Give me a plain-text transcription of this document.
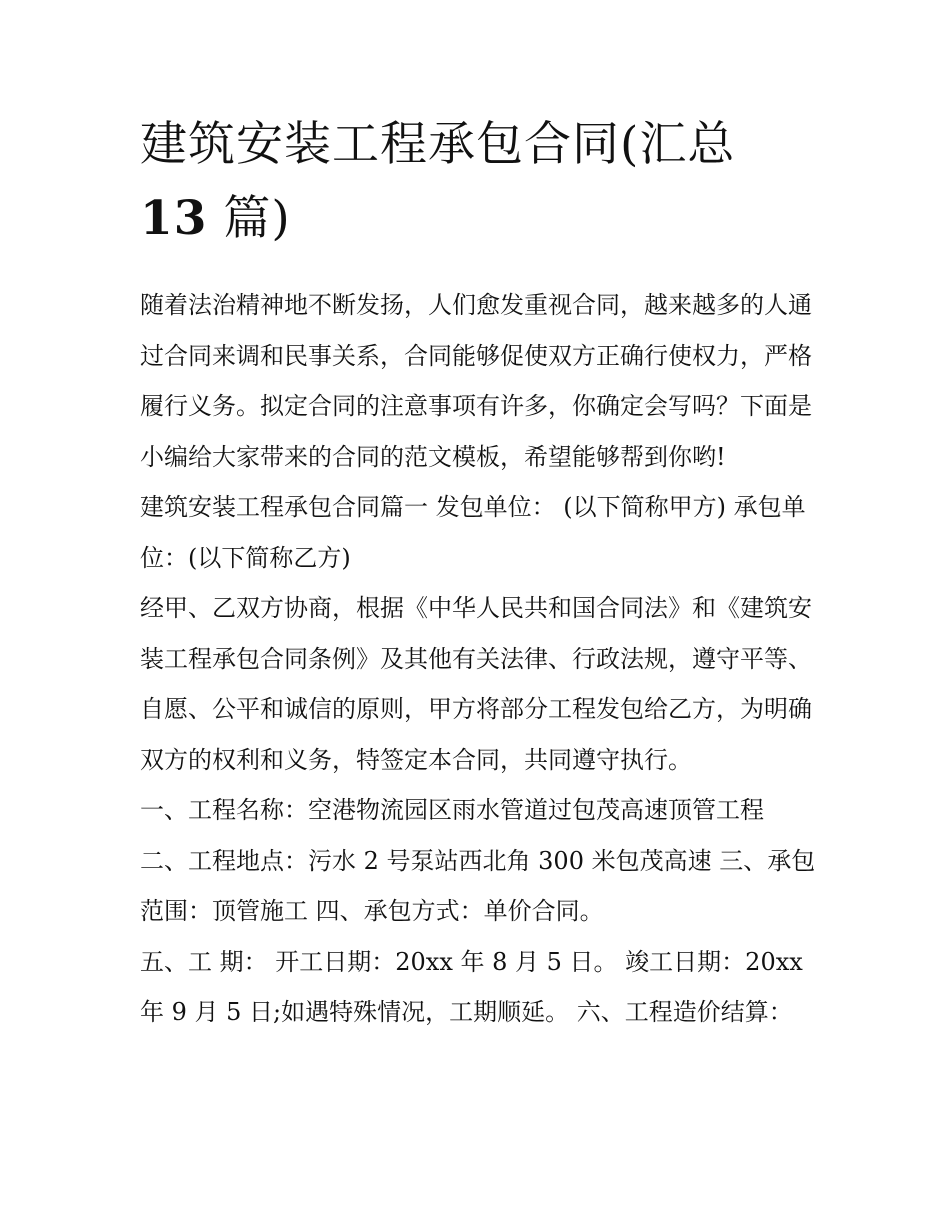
建筑安装工程承包合同(汇总
13 篇)

随着法治精神地不断发扬，人们愈发重视合同，越来越多的人通过合同来调和民事关系，合同能够促使双方正确行使权力，严格履行义务。拟定合同的注意事项有许多，你确定会写吗？下面是小编给大家带来的合同的范文模板，希望能够帮到你哟!

建筑安装工程承包合同篇一 发包单位： (以下简称甲方) 承包单位：(以下简称乙方)

经甲、乙双方协商，根据《中华人民共和国合同法》和《建筑安装工程承包合同条例》及其他有关法律、行政法规，遵守平等、自愿、公平和诚信的原则，甲方将部分工程发包给乙方，为明确双方的权利和义务，特签定本合同，共同遵守执行。

一、工程名称：空港物流园区雨水管道过包茂高速顶管工程

二、工程地点：污水 2 号泵站西北角 300 米包茂高速 三、承包范围：顶管施工 四、承包方式：单价合同。

五、工 期： 开工日期：20xx 年 8 月 5 日。 竣工日期：20xx 年 9 月 5 日;如遇特殊情况，工期顺延。 六、工程造价结算：
